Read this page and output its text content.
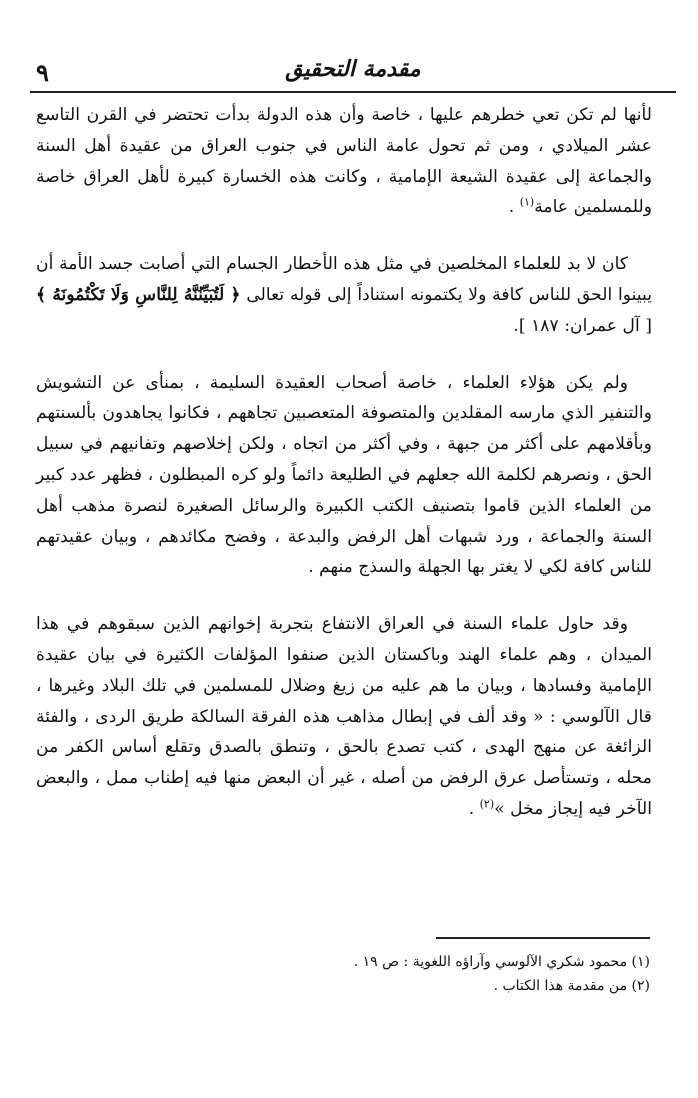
٩	مقدمة التحقيق

لأنها لم تكن تعي خطرهم عليها ، خاصة وأن هذه الدولة بدأت تحتضر في القرن التاسع عشر الميلادي ، ومن ثم تحول عامة الناس في جنوب العراق من عقيدة أهل السنة والجماعة إلى عقيدة الشيعة الإمامية ، وكانت هذه الخسارة كبيرة لأهل العراق خاصة وللمسلمين عامة$^{(١)}$ .

كان لا بد للعلماء المخلصين في مثل هذه الأخطار الجسام التي أصابت جسد الأمة أن يبينوا الحق للناس كافة ولا يكتمونه استناداً إلى قوله تعالى ﴿ لَتُبَيِّنُنَّهُ لِلنَّاسِ وَلَا تَكْتُمُونَهُ ﴾ [ آل عمران: ١٨٧ ].

ولم يكن هؤلاء العلماء ، خاصة أصحاب العقيدة السليمة ، بمنأى عن التشويش والتنفير الذي مارسه المقلدين والمتصوفة المتعصبين تجاههم ، فكانوا يجاهدون بألسنتهم وبأقلامهم على أكثر من جبهة ، وفي أكثر من اتجاه ، ولكن إخلاصهم وتفانيهم في سبيل الحق ، ونصرهم لكلمة الله جعلهم في الطليعة دائماً ولو كره المبطلون ، فظهر عدد كبير من العلماء الذين قاموا بتصنيف الكتب الكبيرة والرسائل الصغيرة لنصرة مذهب أهل السنة والجماعة ، ورد شبهات أهل الرفض والبدعة ، وفضح مكائدهم ، وبيان عقيدتهم للناس كافة لكي لا يغتر بها الجهلة والسذج منهم .

وقد حاول علماء السنة في العراق الانتفاع بتجربة إخوانهم الذين سبقوهم في هذا الميدان ، وهم علماء الهند وباكستان الذين صنفوا المؤلفات الكثيرة في بيان عقيدة الإمامية وفسادها ، وبيان ما هم عليه من زيغ وضلال للمسلمين في تلك البلاد وغيرها ، قال الآلوسي : « وقد ألف في إبطال مذاهب هذه الفرقة السالكة طريق الردى ، والفئة الزائغة عن منهج الهدى ، كتب تصدع بالحق ، وتنطق بالصدق وتقلع أساس الكفر من محله ، وتستأصل عرق الرفض من أصله ، غير أن البعض منها فيه إطناب ممل ، والبعض الآخر فيه إيجاز مخل »$^{(٢)}$ .

(١) محمود شكري الآلوسي وآراؤه اللغوية : ص ١٩ .
(٢) من مقدمة هذا الكتاب .
